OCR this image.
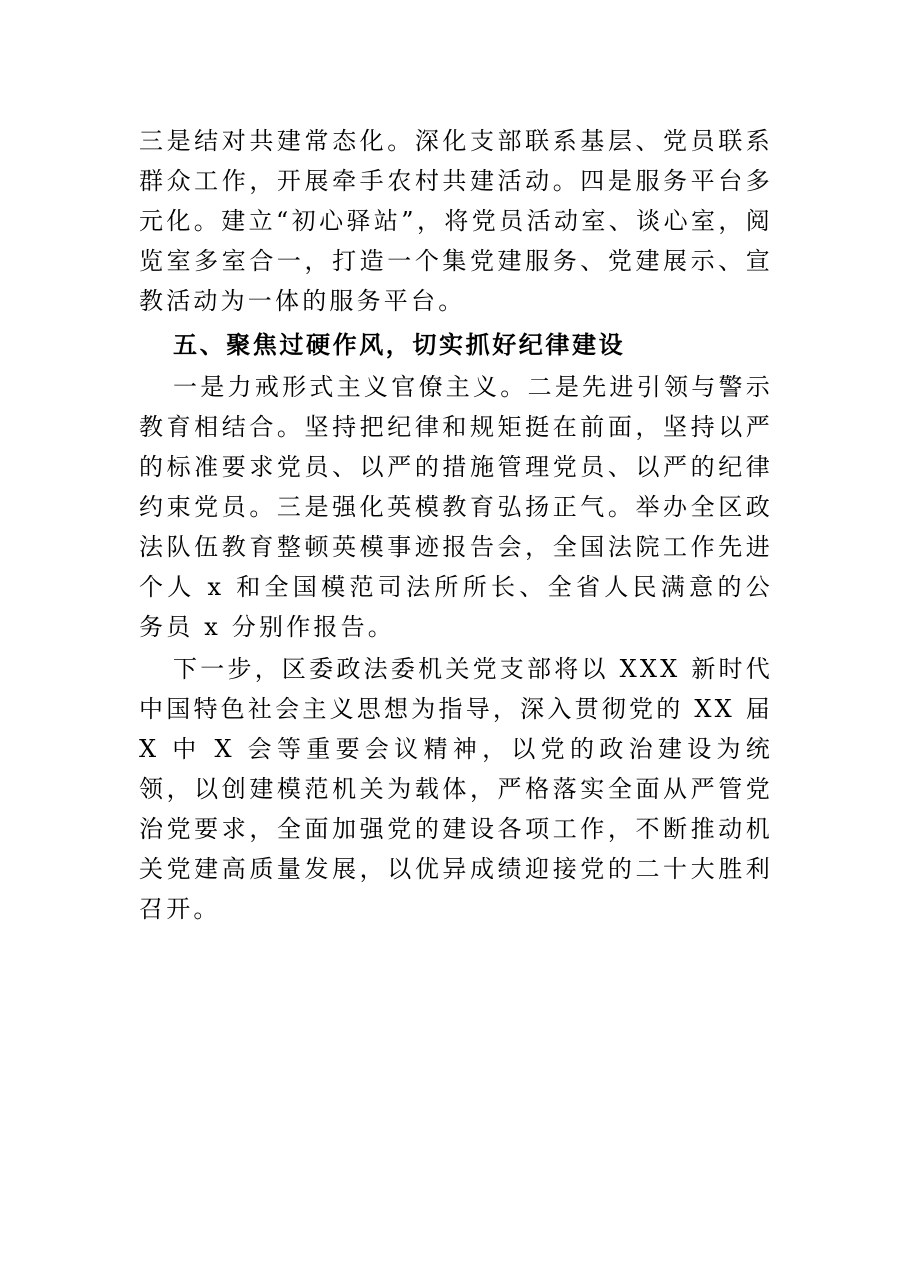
三是结对共建常态化。深化支部联系基层、党员联系群众工作，开展牵手农村共建活动。四是服务平台多元化。建立“初心驿站”，将党员活动室、谈心室，阅览室多室合一，打造一个集党建服务、党建展示、宣教活动为一体的服务平台。

五、聚焦过硬作风，切实抓好纪律建设

一是力戒形式主义官僚主义。二是先进引领与警示教育相结合。坚持把纪律和规矩挺在前面，坚持以严的标准要求党员、以严的措施管理党员、以严的纪律约束党员。三是强化英模教育弘扬正气。举办全区政法队伍教育整顿英模事迹报告会，全国法院工作先进个人 x 和全国模范司法所所长、全省人民满意的公务员 x 分别作报告。

下一步，区委政法委机关党支部将以 XXX 新时代中国特色社会主义思想为指导，深入贯彻党的 XX 届 X 中 X 会等重要会议精神，以党的政治建设为统领，以创建模范机关为载体，严格落实全面从严管党治党要求，全面加强党的建设各项工作，不断推动机关党建高质量发展，以优异成绩迎接党的二十大胜利召开。
